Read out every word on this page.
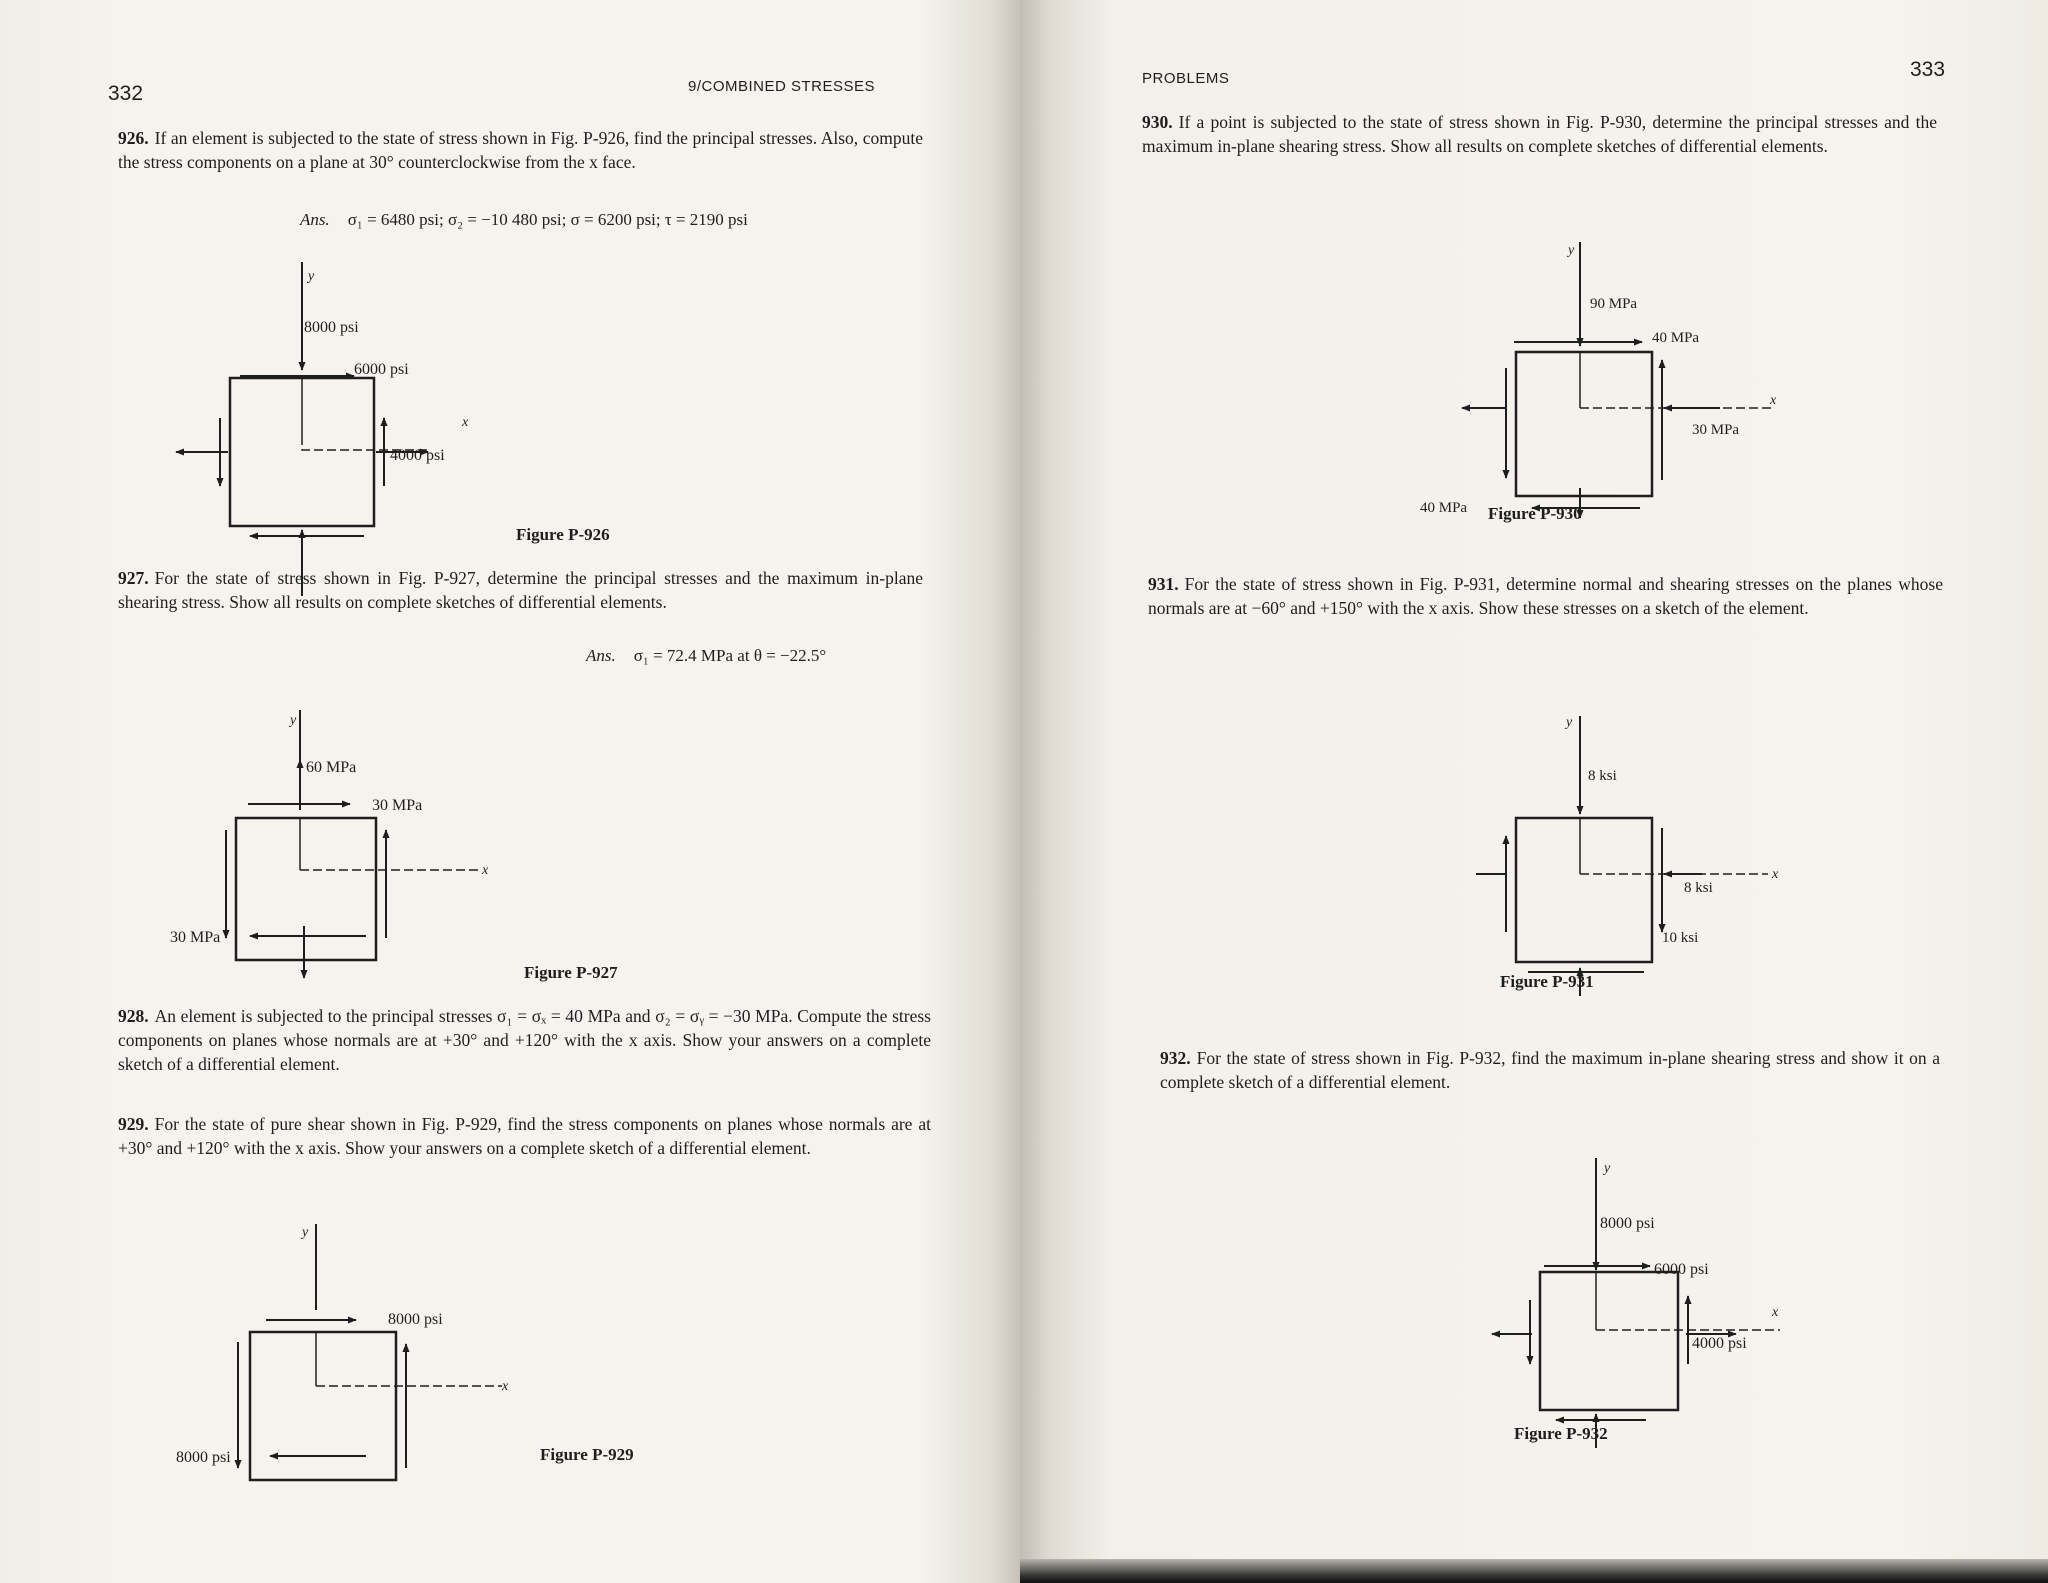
332	9/COMBINED STRESSES
926. If an element is subjected to the state of stress shown in Fig. P-926, find the principal stresses. Also, compute the stress components on a plane at 30° counterclockwise from the x face.
Ans. σ₁ = 6480 psi; σ₂ = −10 480 psi; σ = 6200 psi; τ = 2190 psi
y
8000 psi
6000 psi
x
4000 psi
Figure P-926
927. For the state of stress shown in Fig. P-927, determine the principal stresses and the maximum in-plane shearing stress. Show all results on complete sketches of differential elements.
Ans. σ₁ = 72.4 MPa at θ = −22.5°
y
60 MPa
30 MPa
x
30 MPa
Figure P-927
928. An element is subjected to the principal stresses σ₁ = σₓ = 40 MPa and σ₂ = σᵧ = −30 MPa. Compute the stress components on planes whose normals are at +30° and +120° with the x axis. Show your answers on a complete sketch of a differential element.
929. For the state of pure shear shown in Fig. P-929, find the stress components on planes whose normals are at +30° and +120° with the x axis. Show your answers on a complete sketch of a differential element.
y
8000 psi
x
8000 psi	Figure P-929
333
PROBLEMS
930. If a point is subjected to the state of stress shown in Fig. P-930, determine the principal stresses and the maximum in-plane shearing stress. Show all results on complete sketches of differential elements.
y
90 MPa
40 MPa
x
30 MPa
40 MPa Figure P-930
931. For the state of stress shown in Fig. P-931, determine normal and shearing stresses on the planes whose normals are at −60° and +150° with the x axis. Show these stresses on a sketch of the element.
y
8 ksi
x
8 ksi
10 ksi
Figure P-931
932. For the state of stress shown in Fig. P-932, find the maximum in-plane shearing stress and show it on a complete sketch of a differential element.
y
8000 psi
6000 psi
x
4000 psi
Figure P-932
